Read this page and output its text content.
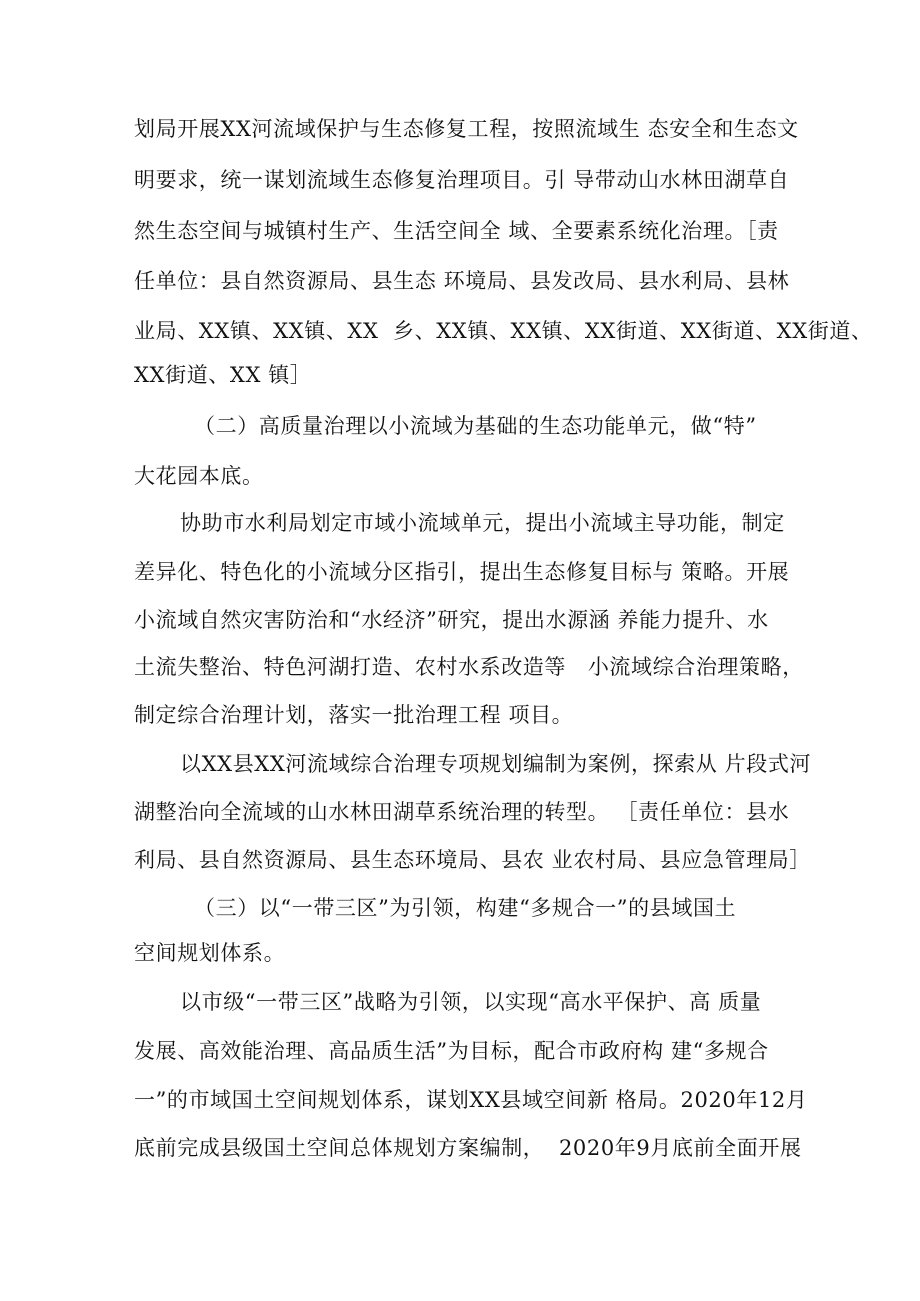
划局开展XX河流域保护与生态修复工程，按照流域生 态安全和生态文
明要求，统一谋划流域生态修复治理项目。引 导带动山水林田湖草自
然生态空间与城镇村生产、生活空间全 域、全要素系统化治理。［责
任单位：县自然资源局、县生态 环境局、县发改局、县水利局、县林
业局、XX镇、XX镇、XX  乡、XX镇、XX镇、XX街道、XX街道、XX街道、
XX街道、XX 镇］
（二）高质量治理以小流域为基础的生态功能单元，做“特”
大花园本底。
协助市水利局划定市域小流域单元，提出小流域主导功能，制定
差异化、特色化的小流域分区指引，提出生态修复目标与 策略。开展
小流域自然灾害防治和“水经济”研究，提出水源涵 养能力提升、水
土流失整治、特色河湖打造、农村水系改造等   小流域综合治理策略，
制定综合治理计划，落实一批治理工程 项目。
以XX县XX河流域综合治理专项规划编制为案例，探索从 片段式河
湖整治向全流域的山水林田湖草系统治理的转型。 ［责任单位：县水
利局、县自然资源局、县生态环境局、县农 业农村局、县应急管理局］
（三）以“一带三区”为引领，构建“多规合一”的县域国土
空间规划体系。
以市级“一带三区”战略为引领，以实现“高水平保护、高 质量
发展、高效能治理、高品质生活”为目标，配合市政府构 建“多规合
一”的市域国土空间规划体系，谋划XX县域空间新 格局。2020年12月
底前完成县级国土空间总体规划方案编制，  2020年9月底前全面开展
